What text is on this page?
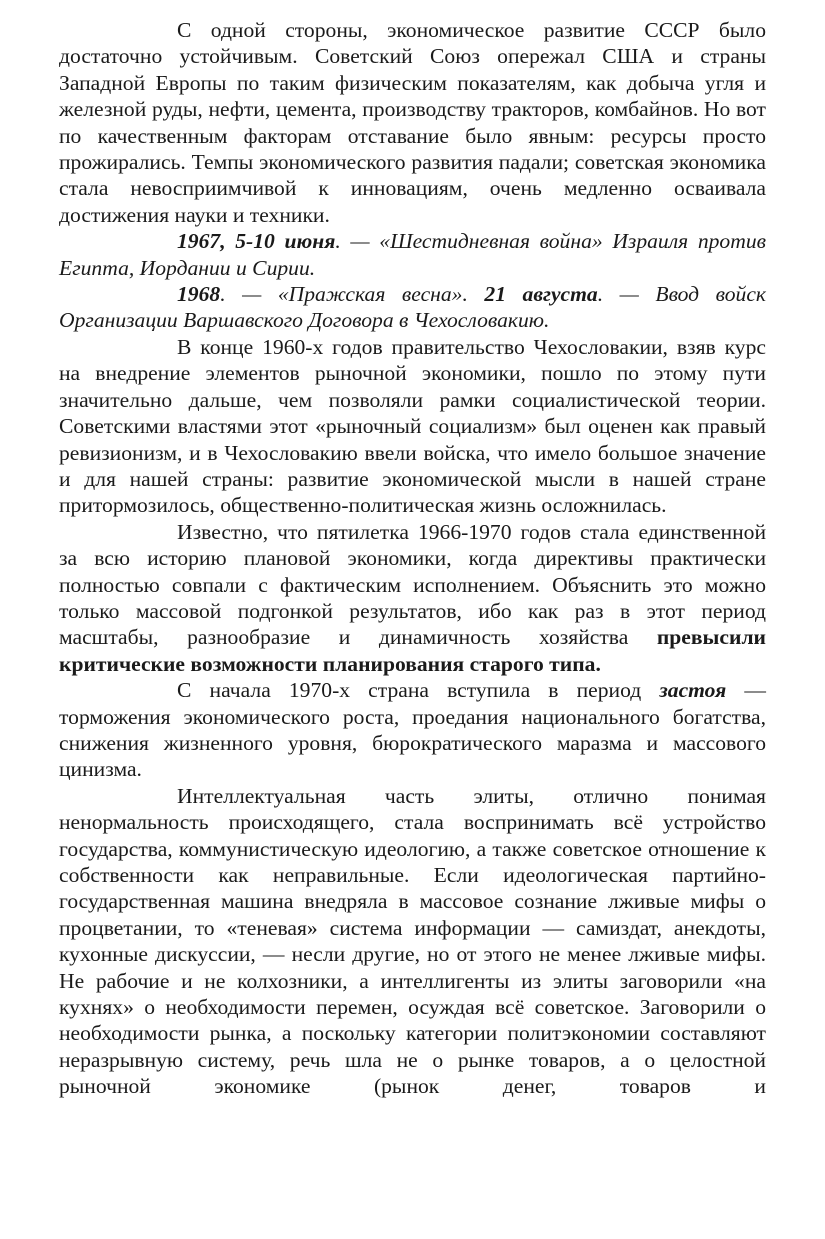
С одной стороны, экономическое развитие СССР было достаточно устойчивым. Советский Союз опережал США и страны Западной Европы по таким физическим показателям, как добыча угля и железной руды, нефти, цемента, производству тракторов, комбайнов. Но вот по качественным факторам отставание было явным: ресурсы просто прожирались. Темпы экономического развития падали; советская экономика стала невосприимчивой к инновациям, очень медленно осваивала достижения науки и техники.

1967, 5-10 июня. — «Шестидневная война» Израиля против Египта, Иордании и Сирии.

1968. — «Пражская весна». 21 августа. — Ввод войск Организации Варшавского Договора в Чехословакию.

В конце 1960-х годов правительство Чехословакии, взяв курс на внедрение элементов рыночной экономики, пошло по этому пути значительно дальше, чем позволяли рамки социалистической теории. Советскими властями этот «рыночный социализм» был оценен как правый ревизионизм, и в Чехословакию ввели войска, что имело большое значение и для нашей страны: развитие экономической мысли в нашей стране притормозилось, общественно-политическая жизнь осложнилась.

Известно, что пятилетка 1966-1970 годов стала единственной за всю историю плановой экономики, когда директивы практически полностью совпали с фактическим исполнением. Объяснить это можно только массовой подгонкой результатов, ибо как раз в этот период масштабы, разнообразие и динамичность хозяйства превысили критические возможности планирования старого типа.

С начала 1970-х страна вступила в период застоя — торможения экономического роста, проедания национального богатства, снижения жизненного уровня, бюрократического маразма и массового цинизма.

Интеллектуальная часть элиты, отлично понимая ненормальность происходящего, стала воспринимать всё устройство государства, коммунистическую идеологию, а также советское отношение к собственности как неправильные. Если идеологическая партийно-государственная машина внедряла в массовое сознание лживые мифы о процветании, то «теневая» система информации — самиздат, анекдоты, кухонные дискуссии, — несли другие, но от этого не менее лживые мифы. Не рабочие и не колхозники, а интеллигенты из элиты заговорили «на кухнях» о необходимости перемен, осуждая всё советское. Заговорили о необходимости рынка, а поскольку категории политэкономии составляют неразрывную систему, речь шла не о рынке товаров, а о целостной рыночной экономике (рынок денег, товаров и
